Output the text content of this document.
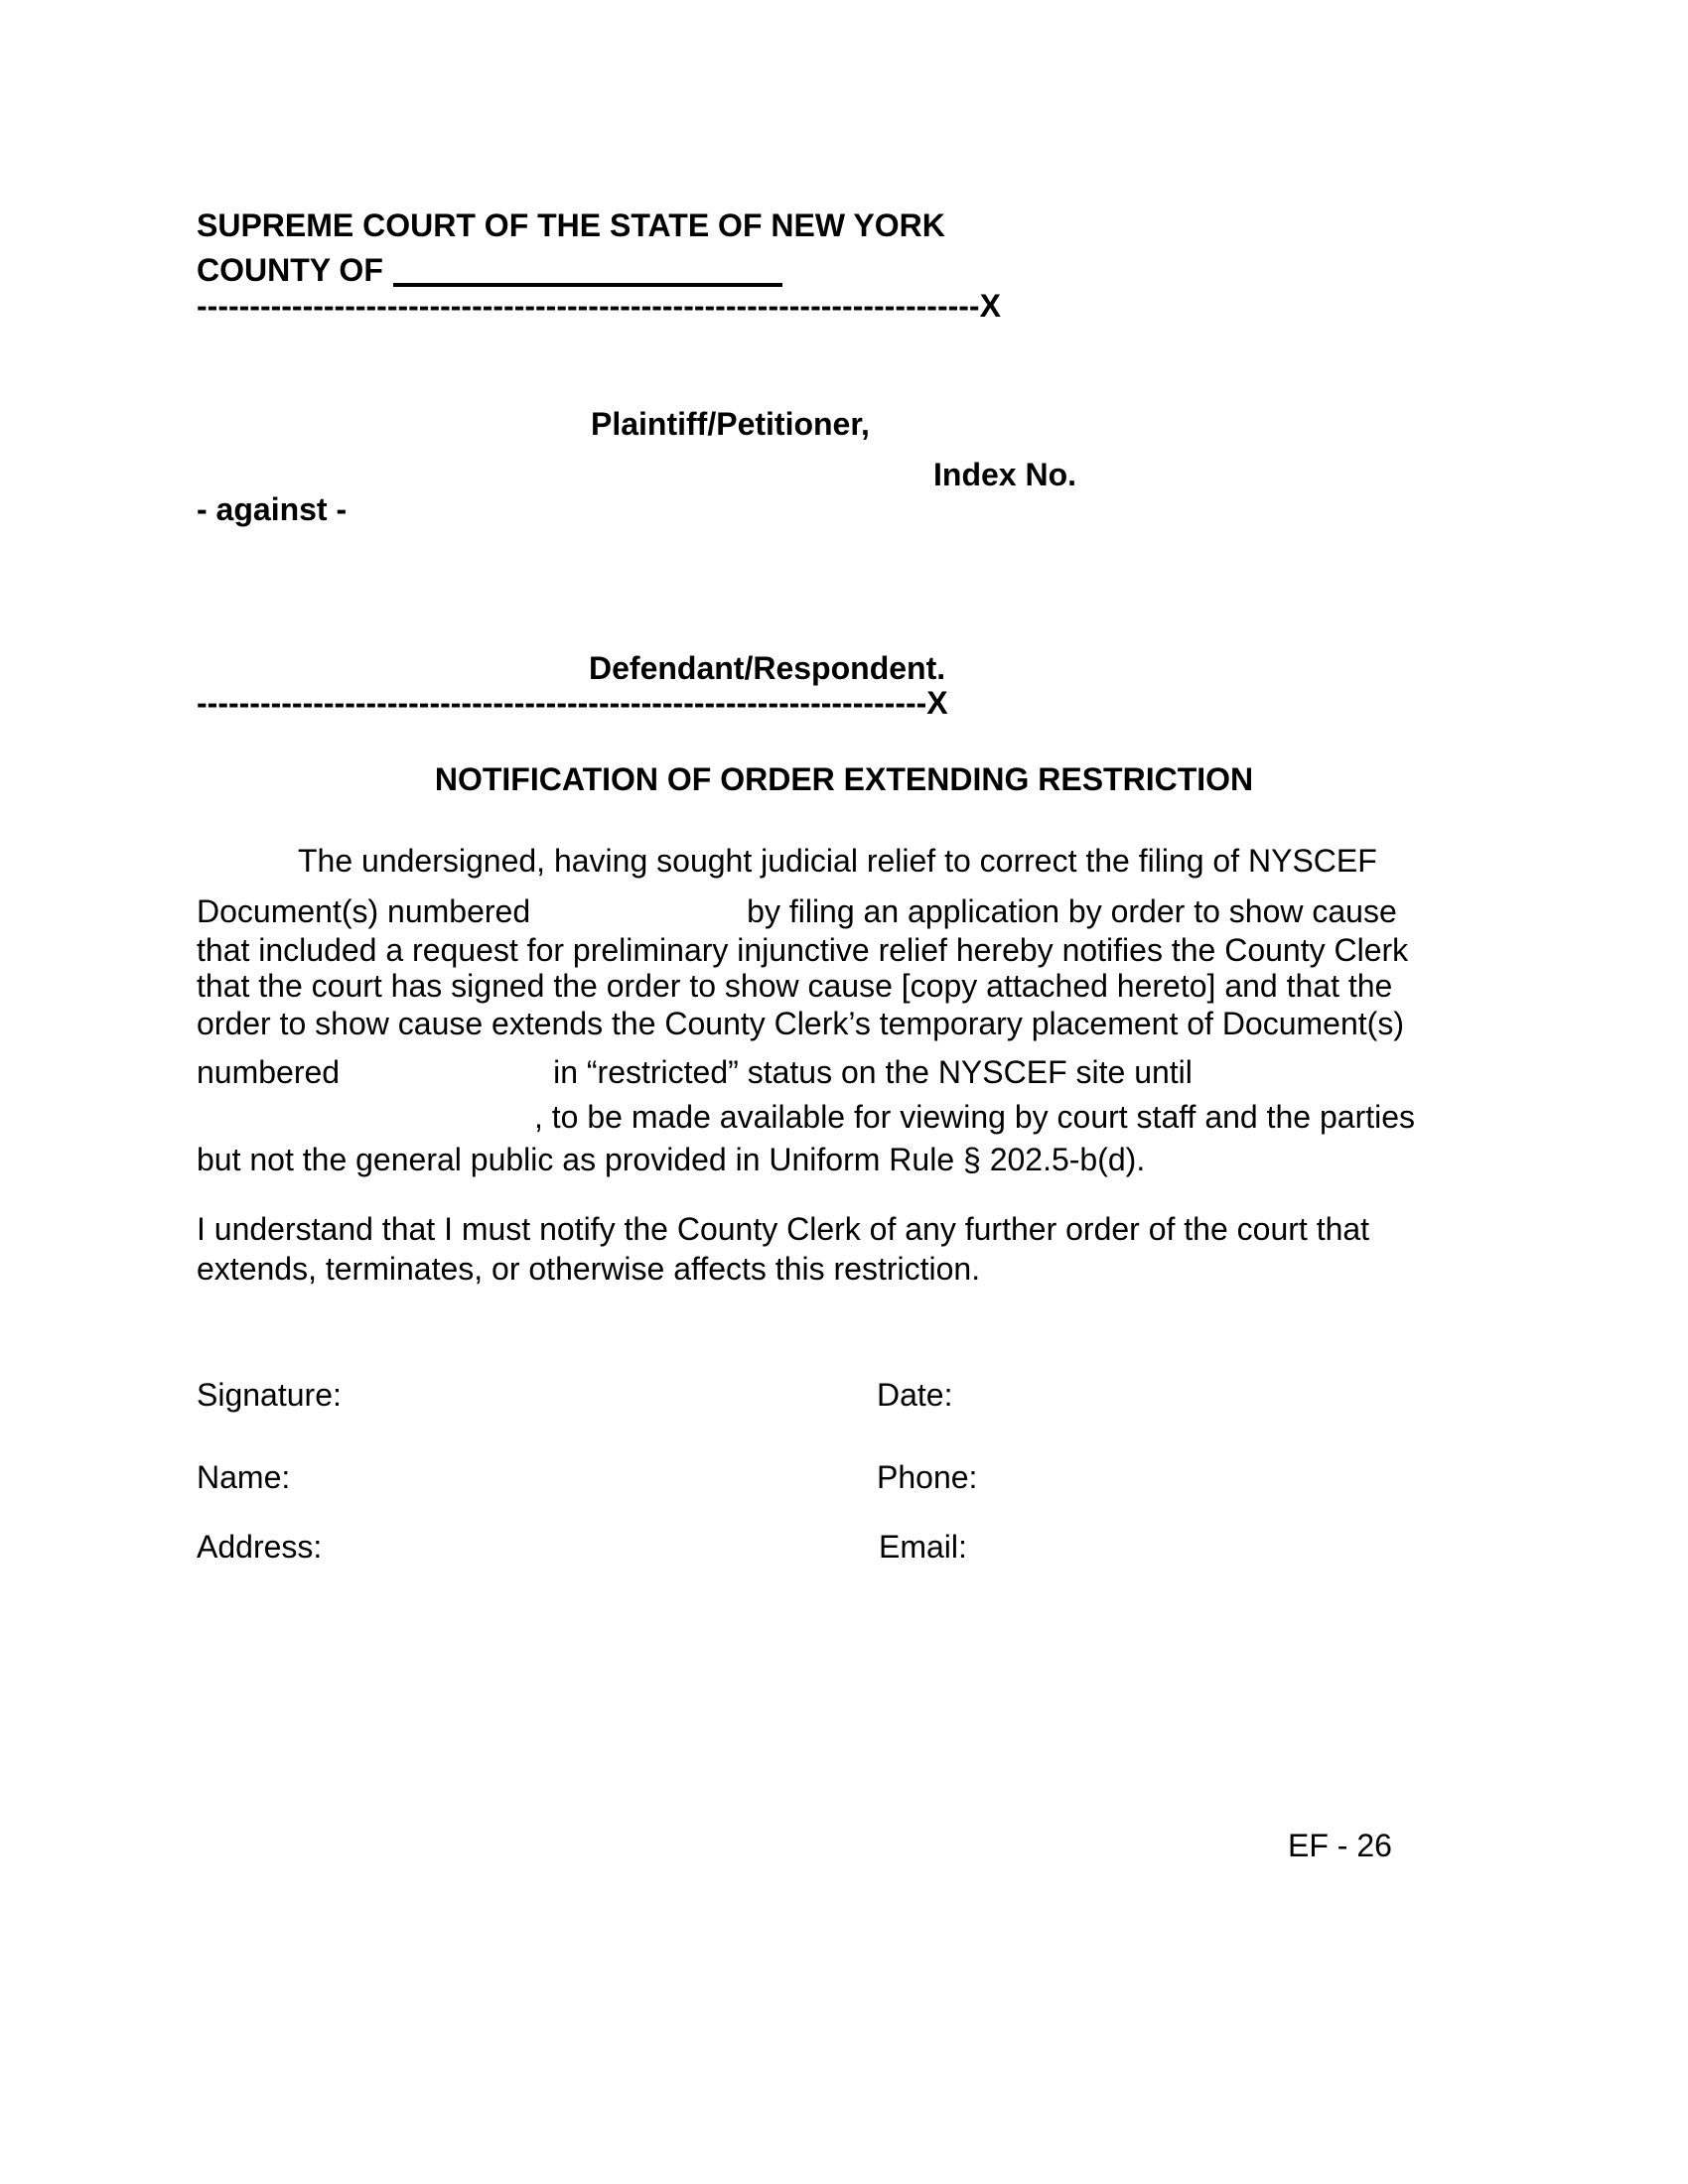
SUPREME COURT OF THE STATE OF NEW YORK
COUNTY OF
--------------------------------------------------------------------------X
Plaintiff/Petitioner,
Index No.
- against -
Defendant/Respondent.
---------------------------------------------------------------------X
NOTIFICATION OF ORDER EXTENDING RESTRICTION
The undersigned, having sought judicial relief to correct the filing of NYSCEF
Document(s) numbered	by filing an application by order to show cause
that included a request for preliminary injunctive relief hereby notifies the County Clerk
that the court has signed the order to show cause [copy attached hereto] and that the
order to show cause extends the County Clerk’s temporary placement of Document(s)
numbered	in “restricted” status on the NYSCEF site until
, to be made available for viewing by court staff and the parties
but not the general public as provided in Uniform Rule § 202.5-b(d).
I understand that I must notify the County Clerk of any further order of the court that
extends, terminates, or otherwise affects this restriction.
Signature:	Date:
Name:	Phone:
Address:	Email:
EF - 26
